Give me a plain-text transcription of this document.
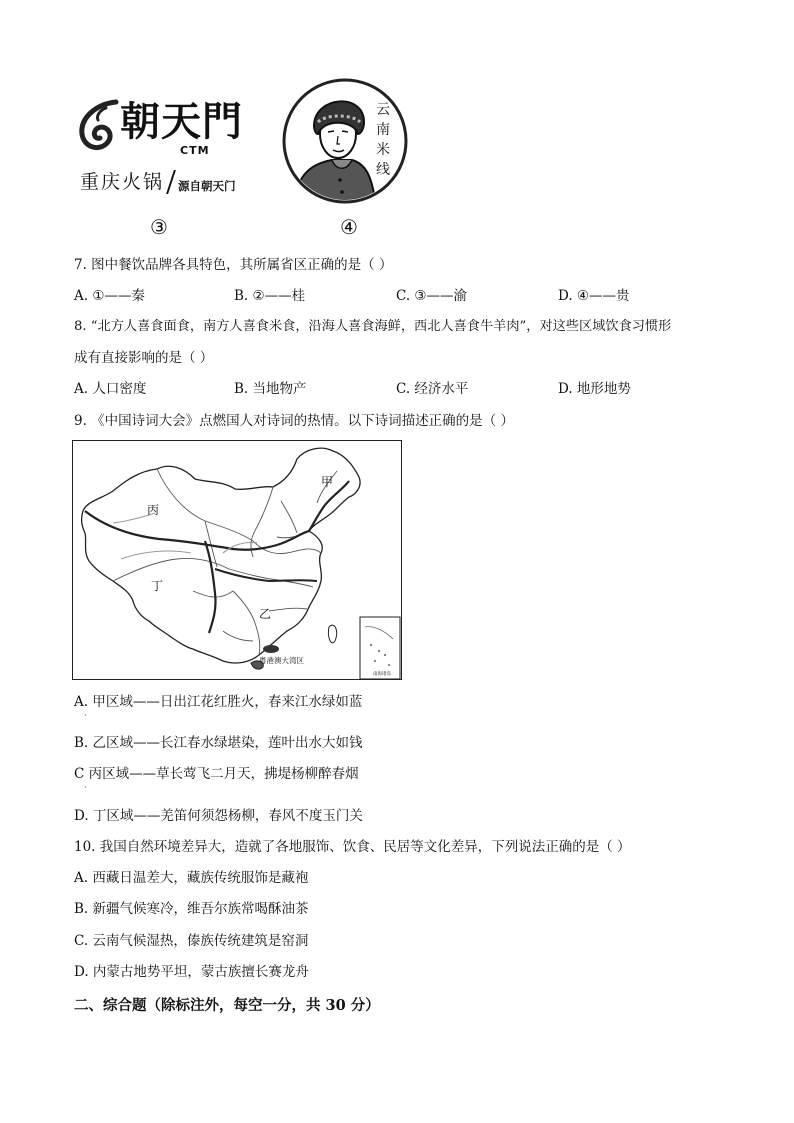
朝天門
CTM
重庆火锅 源自朝天门
③
云
南
米
线
④
7. 图中餐饮品牌各具特色，其所属省区正确的是（ ）
A. ①——秦	B. ②——桂	C. ③——渝	D. ④——贵
8. “北方人喜食面食，南方人喜食米食，沿海人喜食海鲜，西北人喜食牛羊肉”，对这些区域饮食习惯形
成有直接影响的是（ ）
A. 人口密度	B. 当地物产	C. 经济水平	D. 地形地势
9. 《中国诗词大会》点燃国人对诗词的热情。以下诗词描述正确的是（ ）
甲
丙
丁
乙
粤港澳大湾区
南海诸岛
A. 甲区域——日出江花红胜火，春来江水绿如蓝
·
B. 乙区域——长江春水绿堪染，莲叶出水大如钱
C 丙区域——草长莺飞二月天，拂堤杨柳醉春烟
·
D. 丁区域——羌笛何须怨杨柳，春风不度玉门关
10. 我国自然环境差异大，造就了各地服饰、饮食、民居等文化差异，下列说法正确的是（ ）
A. 西藏日温差大，藏族传统服饰是藏袍
B. 新疆气候寒冷，维吾尔族常喝酥油茶
C. 云南气候湿热，傣族传统建筑是窑洞
D. 内蒙古地势平坦，蒙古族擅长赛龙舟
二、综合题（除标注外，每空一分，共 30 分）
